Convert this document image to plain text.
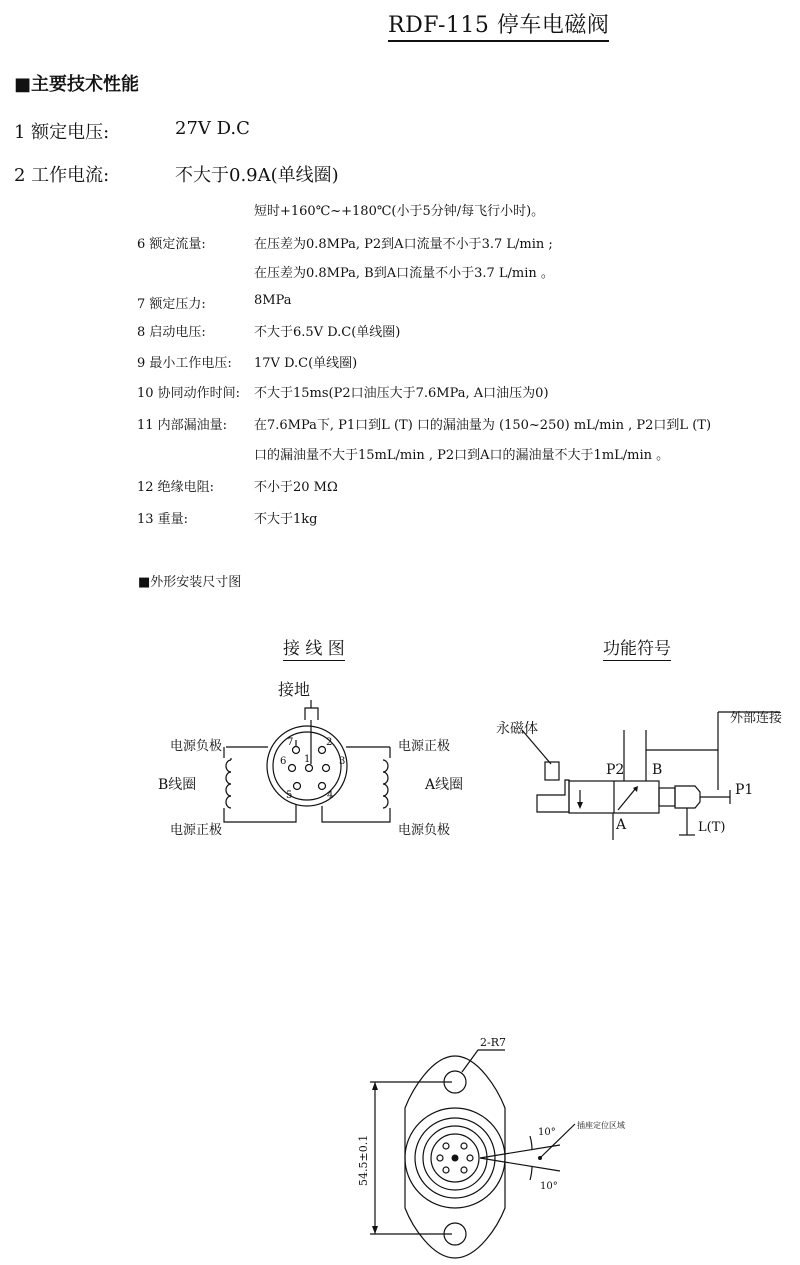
RDF-115 停车电磁阀
■主要技术性能
1 额定电压:	27V D.C
2 工作电流:	不大于0.9A(单线圈)
短时+160℃~+180℃(小于5分钟/每飞行小时)。
6 额定流量:	在压差为0.8MPa, P2到A口流量不小于3.7 L/min ;
在压差为0.8MPa, B到A口流量不小于3.7 L/min 。
7 额定压力:	8MPa
8 启动电压:	不大于6.5V D.C(单线圈)
9 最小工作电压: 17V D.C(单线圈)
10 协同动作时间: 不大于15ms(P2口油压大于7.6MPa, A口油压为0)
11 内部漏油量: 在7.6MPa下, P1口到L (T) 口的漏油量为 (150~250) mL/min , P2口到L (T)
口的漏油量不大于15mL/min , P2口到A口的漏油量不大于1mL/min 。
12 绝缘电阻:	不小于20 MΩ
13 重量:	不大于1kg
■外形安装尺寸图
接 线 图	功能符号
7	2
6 1	3
5	4
接地
电源负极	电源正极
B线圈	A线圈
电源正极	电源负极
永磁体
外部连接
P2 B
P1
A	L(T)
2-R7
54.5±0.1
10°
10°
插座定位区域
